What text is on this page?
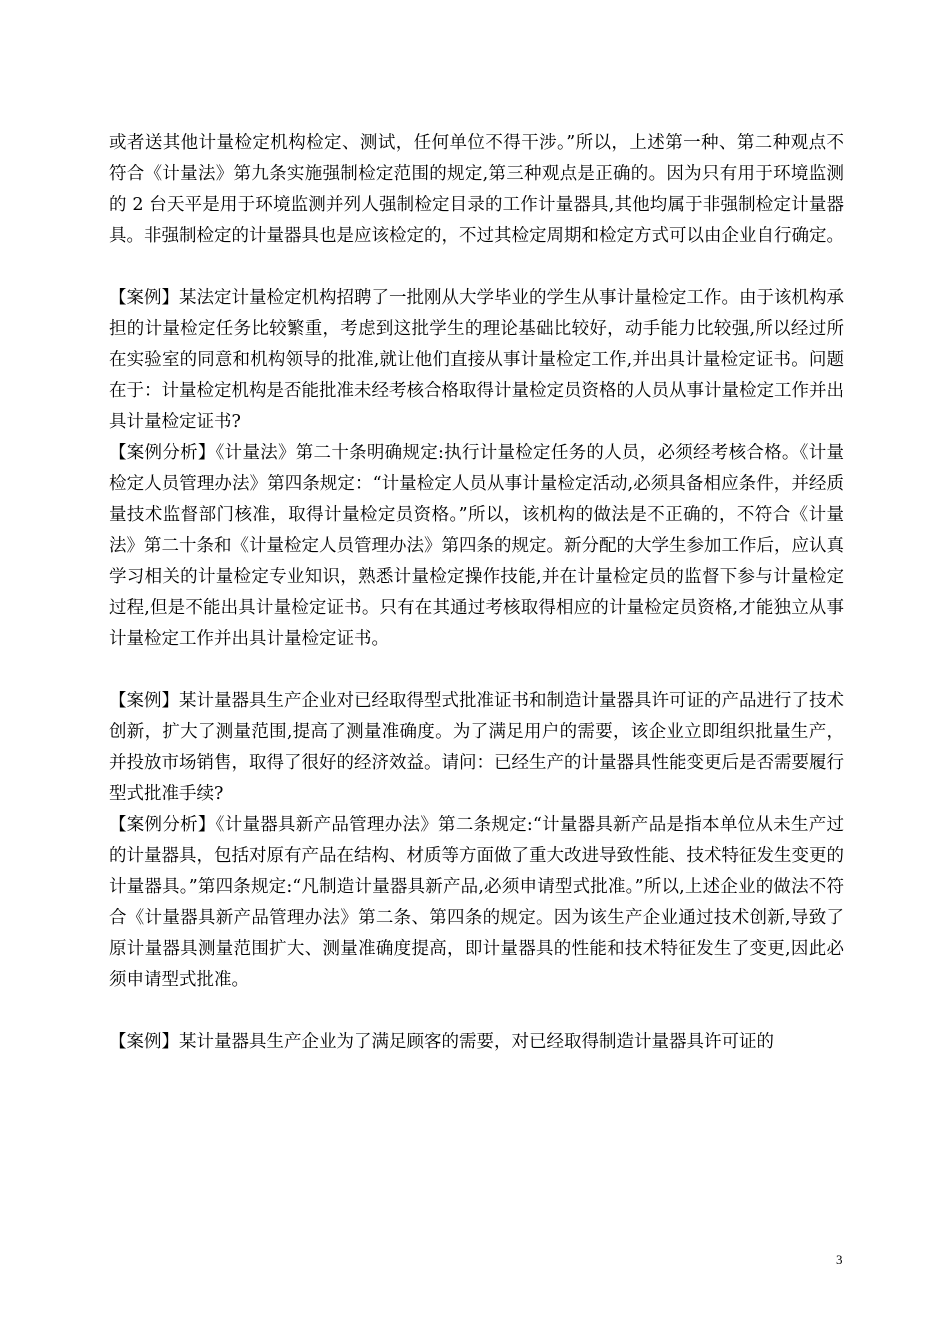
或者送其他计量检定机构检定、测试，任何单位不得干涉。”所以，上述第一种、第二种观点不符合《计量法》第九条实施强制检定范围的规定,第三种观点是正确的。因为只有用于环境监测的 2 台天平是用于环境监测并列人强制检定目录的工作计量器具,其他均属于非强制检定计量器具。非强制检定的计量器具也是应该检定的，不过其检定周期和检定方式可以由企业自行确定。

【案例】某法定计量检定机构招聘了一批刚从大学毕业的学生从事计量检定工作。由于该机构承担的计量检定任务比较繁重，考虑到这批学生的理论基础比较好，动手能力比较强,所以经过所在实验室的同意和机构领导的批准,就让他们直接从事计量检定工作,并出具计量检定证书。问题在于：计量检定机构是否能批准未经考核合格取得计量检定员资格的人员从事计量检定工作并出具计量检定证书?

【案例分析】《计量法》第二十条明确规定:执行计量检定任务的人员，必须经考核合格。《计量检定人员管理办法》第四条规定：“计量检定人员从事计量检定活动,必须具备相应条件，并经质量技术监督部门核准，取得计量检定员资格。”所以，该机构的做法是不正确的，不符合《计量法》第二十条和《计量检定人员管理办法》第四条的规定。新分配的大学生参加工作后，应认真学习相关的计量检定专业知识，熟悉计量检定操作技能,并在计量检定员的监督下参与计量检定过程,但是不能出具计量检定证书。只有在其通过考核取得相应的计量检定员资格,才能独立从事计量检定工作并出具计量检定证书。

【案例】某计量器具生产企业对已经取得型式批准证书和制造计量器具许可证的产品进行了技术创新，扩大了测量范围,提高了测量准确度。为了满足用户的需要，该企业立即组织批量生产，并投放市场销售，取得了很好的经济效益。请问：已经生产的计量器具性能变更后是否需要履行型式批准手续?

【案例分析】《计量器具新产品管理办法》第二条规定:“计量器具新产品是指本单位从未生产过的计量器具，包括对原有产品在结构、材质等方面做了重大改进导致性能、技术特征发生变更的计量器具。”第四条规定:“凡制造计量器具新产品,必须申请型式批准。”所以,上述企业的做法不符合《计量器具新产品管理办法》第二条、第四条的规定。因为该生产企业通过技术创新,导致了原计量器具测量范围扩大、测量准确度提高，即计量器具的性能和技术特征发生了变更,因此必须申请型式批准。

【案例】某计量器具生产企业为了满足顾客的需要，对已经取得制造计量器具许可证的

3
